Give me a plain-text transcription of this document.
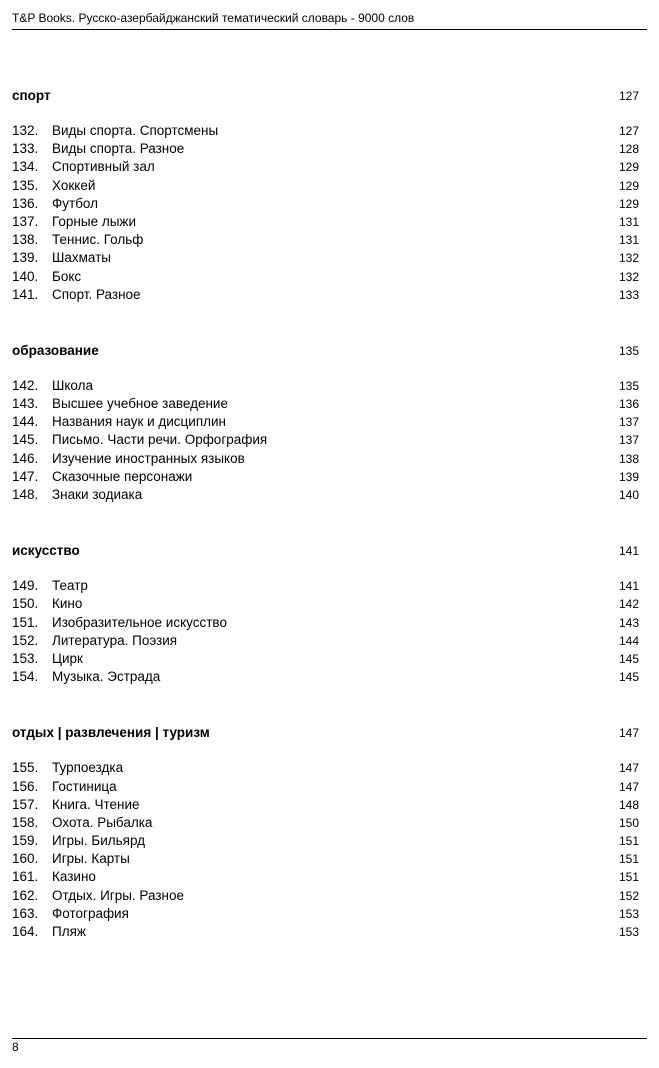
T&P Books. Русско-азербайджанский тематический словарь - 9000 слов
спорт	127
132.	Виды спорта. Спортсмены	127
133.	Виды спорта. Разное	128
134.	Спортивный зал	129
135.	Хоккей	129
136.	Футбол	129
137.	Горные лыжи	131
138.	Теннис. Гольф	131
139.	Шахматы	132
140.	Бокс	132
141.	Спорт. Разное	133
образование	135
142.	Школа	135
143.	Высшее учебное заведение	136
144.	Названия наук и дисциплин	137
145.	Письмо. Части речи. Орфография	137
146.	Изучение иностранных языков	138
147.	Сказочные персонажи	139
148.	Знаки зодиака	140
искусство	141
149.	Театр	141
150.	Кино	142
151.	Изобразительное искусство	143
152.	Литература. Поэзия	144
153.	Цирк	145
154.	Музыка. Эстрада	145
отдых | развлечения | туризм	147
155.	Турпоездка	147
156.	Гостиница	147
157.	Книга. Чтение	148
158.	Охота. Рыбалка	150
159.	Игры. Бильярд	151
160.	Игры. Карты	151
161.	Казино	151
162.	Отдых. Игры. Разное	152
163.	Фотография	153
164.	Пляж	153
8
